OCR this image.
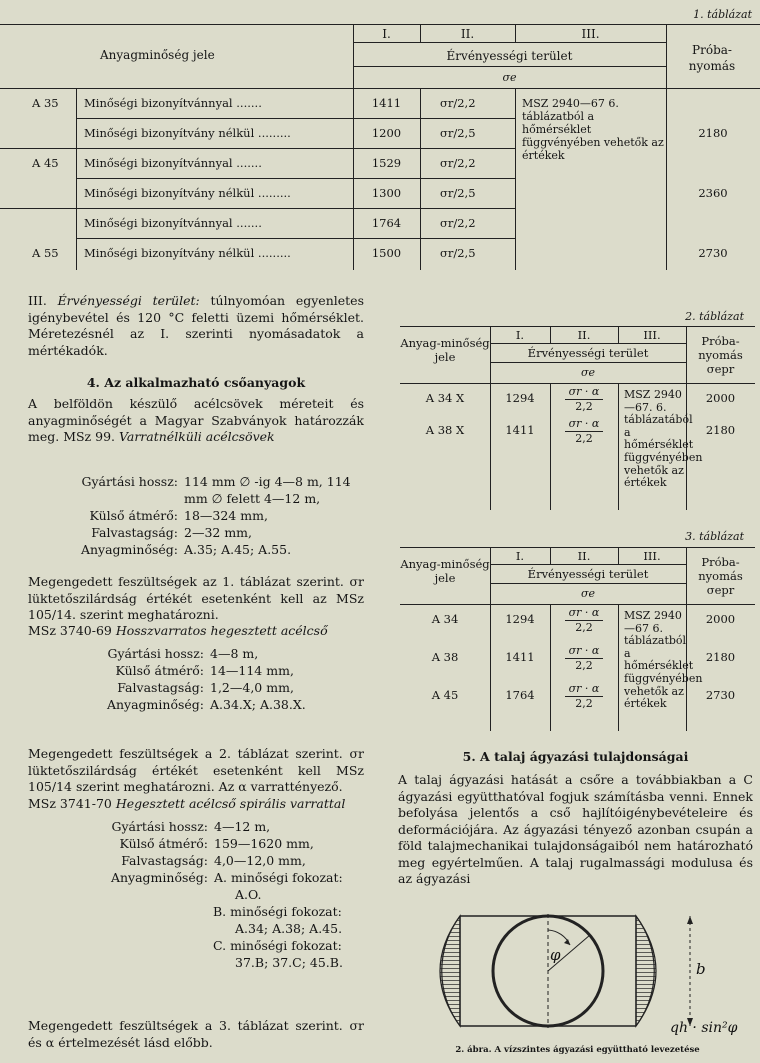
1. táblázat
Anyagminőség jele
I.	II.	III.
Érvényességi terület
σe
Próba-nyomás
A 35	Minőségi bizonyítvánnyal .......	1411	σr/2,2
Minőségi bizonyítvány nélkül .........	1200	σr/2,5	2180
A 45	Minőségi bizonyítvánnyal .......	1529	σr/2,2
Minőségi bizonyítvány nélkül .........	1300	σr/2,5	2360
Minőségi bizonyítvánnyal .......	1764	σr/2,2
A 55	Minőségi bizonyítvány nélkül .........	1500	σr/2,5	2730
MSZ 2940—67 6. táblázatból a hőmérséklet függvényében vehetők az értékek
III. Érvényességi terület: túlnyomóan egyenletes igénybevétel és 120 °C feletti üzemi hőmérséklet. Méretezésnél az I. szerinti nyomásadatok a mértékadók.
4. Az alkalmazható csőanyagok
A belföldön készülő acélcsövek méreteit és anyagminőségét a Magyar Szabványok határozzák meg. MSz 99. Varratnélküli acélcsövek
Gyártási hossz: 114 mm ∅ -ig 4—8 m, 114 mm ∅ felett 4—12 m,
Külső átmérő: 18—324 mm,
Falvastagság: 2—32 mm,
Anyagminőség: A.35; A.45; A.55.
Megengedett feszültségek az 1. táblázat szerint. σr lüktetőszilárdság értékét esetenként kell az MSz 105/14. szerint meghatározni.
MSz 3740-69 Hosszvarratos hegesztett acélcső
Gyártási hossz: 4—8 m,
Külső átmérő: 14—114 mm,
Falvastagság: 1,2—4,0 mm,
Anyagminőség: A.34.X; A.38.X.
Megengedett feszültségek a 2. táblázat szerint. σr lüktetőszilárdság értékét esetenként kell MSz 105/14 szerint meghatározni. Az α varrattényező.
MSz 3741-70 Hegesztett acélcső spirális varrattal
Gyártási hossz: 4—12 m,
Külső átmérő: 159—1620 mm,
Falvastagság: 4,0—12,0 mm,
Anyagminőség: A. minőségi fokozat:
A.O.
B. minőségi fokozat:
A.34; A.38; A.45.
C. minőségi fokozat:
37.B; 37.C; 45.B.
Megengedett feszültségek a 3. táblázat szerint. σr és α értelmezését lásd előbb.
2. táblázat
Anyag-minőség jele
I.	II.	III.
Érvényességi terület
σe
Próba-nyomás σepr
A 34 X	1294	$\frac{\sigma r \cdot \alpha}{2,2}$	2000
A 38 X	1411	$\frac{\sigma r \cdot \alpha}{2,2}$	2180
MSZ 2940—67. 6. táblázatából a hőmérséklet függvényében vehetők az értékek
3. táblázat
Anyag-minőség jele
I.	II.	III.
Érvényességi terület
σe
Próba-nyomás σepr
A 34	1294	$\frac{\sigma r \cdot \alpha}{2,2}$	2000
A 38	1411	$\frac{\sigma r \cdot \alpha}{2,2}$	2180
A 45	1764	$\frac{\sigma r \cdot \alpha}{2,2}$	2730
MSZ 2940—67 6. táblázatból a hőmérséklet függvényében vehetők az értékek
5. A talaj ágyazási tulajdonságai
A talaj ágyazási hatását a csőre a továbbiakban a C ágyazási együtthatóval fogjuk számításba venni. Ennek befolyása jelentős a cső hajlítóigénybevételeire és deformációjára. Az ágyazási tényező azonban csupán a föld talajmechanikai tulajdonságaiból nem határozható meg egyértelműen. A talaj rugalmassági modulusa és az ágyazási
φ
b
qh · sin²φ
2. ábra. A vízszintes ágyazási együttható levezetése
